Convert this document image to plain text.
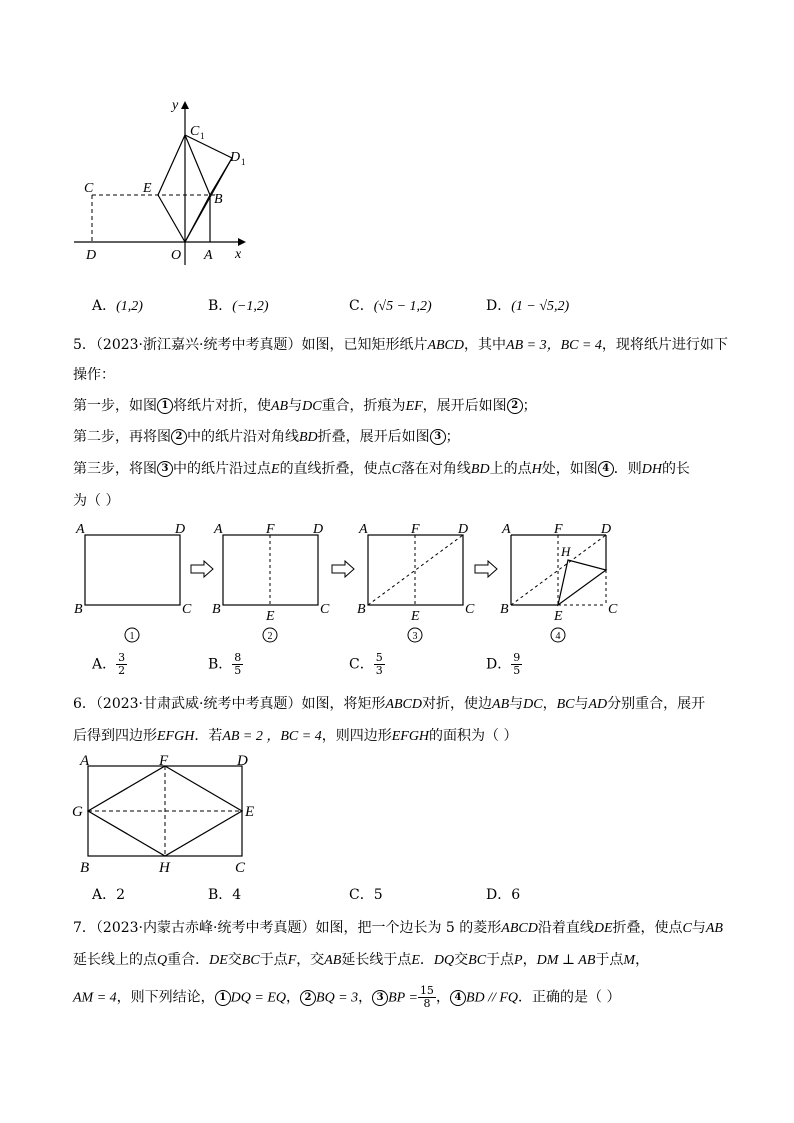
y
x
C 1
D 1
C	E
B
D	O A
A．(1,2)	B．(−1,2)	C．(√5 − 1,2)	D．(1 − √5,2)
5．（2023·浙江嘉兴·统考中考真题）如图，已知矩形纸片ABCD，其中AB = 3，BC = 4，现将纸片进行如下
操作：
第一步，如图 1 将纸片对折，使AB与DC重合，折痕为EF，展开后如图 2 ；
第二步，再将图 2 中的纸片沿对角线BD折叠，展开后如图 3 ；
第三步，将图 3 中的纸片沿过点E的直线折叠，使点C落在对角线BD上的点H处，如图 4 ．则DH的长
为（ ）
A	D
B	C
A	F	D
B	E	C
A	F	D
B	E	C
A	F	D
H
B	E	C
1	2	3	4
A． $\frac{3}{2}$	B． $\frac{8}{5}$	C． $\frac{5}{3}$	D． $\frac{9}{5}$
6．（2023·甘肃武威·统考中考真题）如图，将矩形ABCD对折，使边AB与DC，BC与AD分别重合，展开
后得到四边形EFGH．若AB = 2 ，BC = 4，则四边形EFGH的面积为（ ）
A	F	D
G	E
B	H	C
A．2	B．4	C．5	D．6
7．（2023·内蒙古赤峰·统考中考真题）如图，把一个边长为 5 的菱形ABCD沿着直线DE折叠，使点C与AB
延长线上的点Q重合．DE交BC于点F，交AB延长线于点E．DQ交BC于点P，DM ⊥ AB于点M，
AM = 4，则下列结论， 1 DQ = EQ， 2 BQ = 3， 3 BP = $\frac{15}{8}$ ， 4 BD // FQ．正确的是（ ）
